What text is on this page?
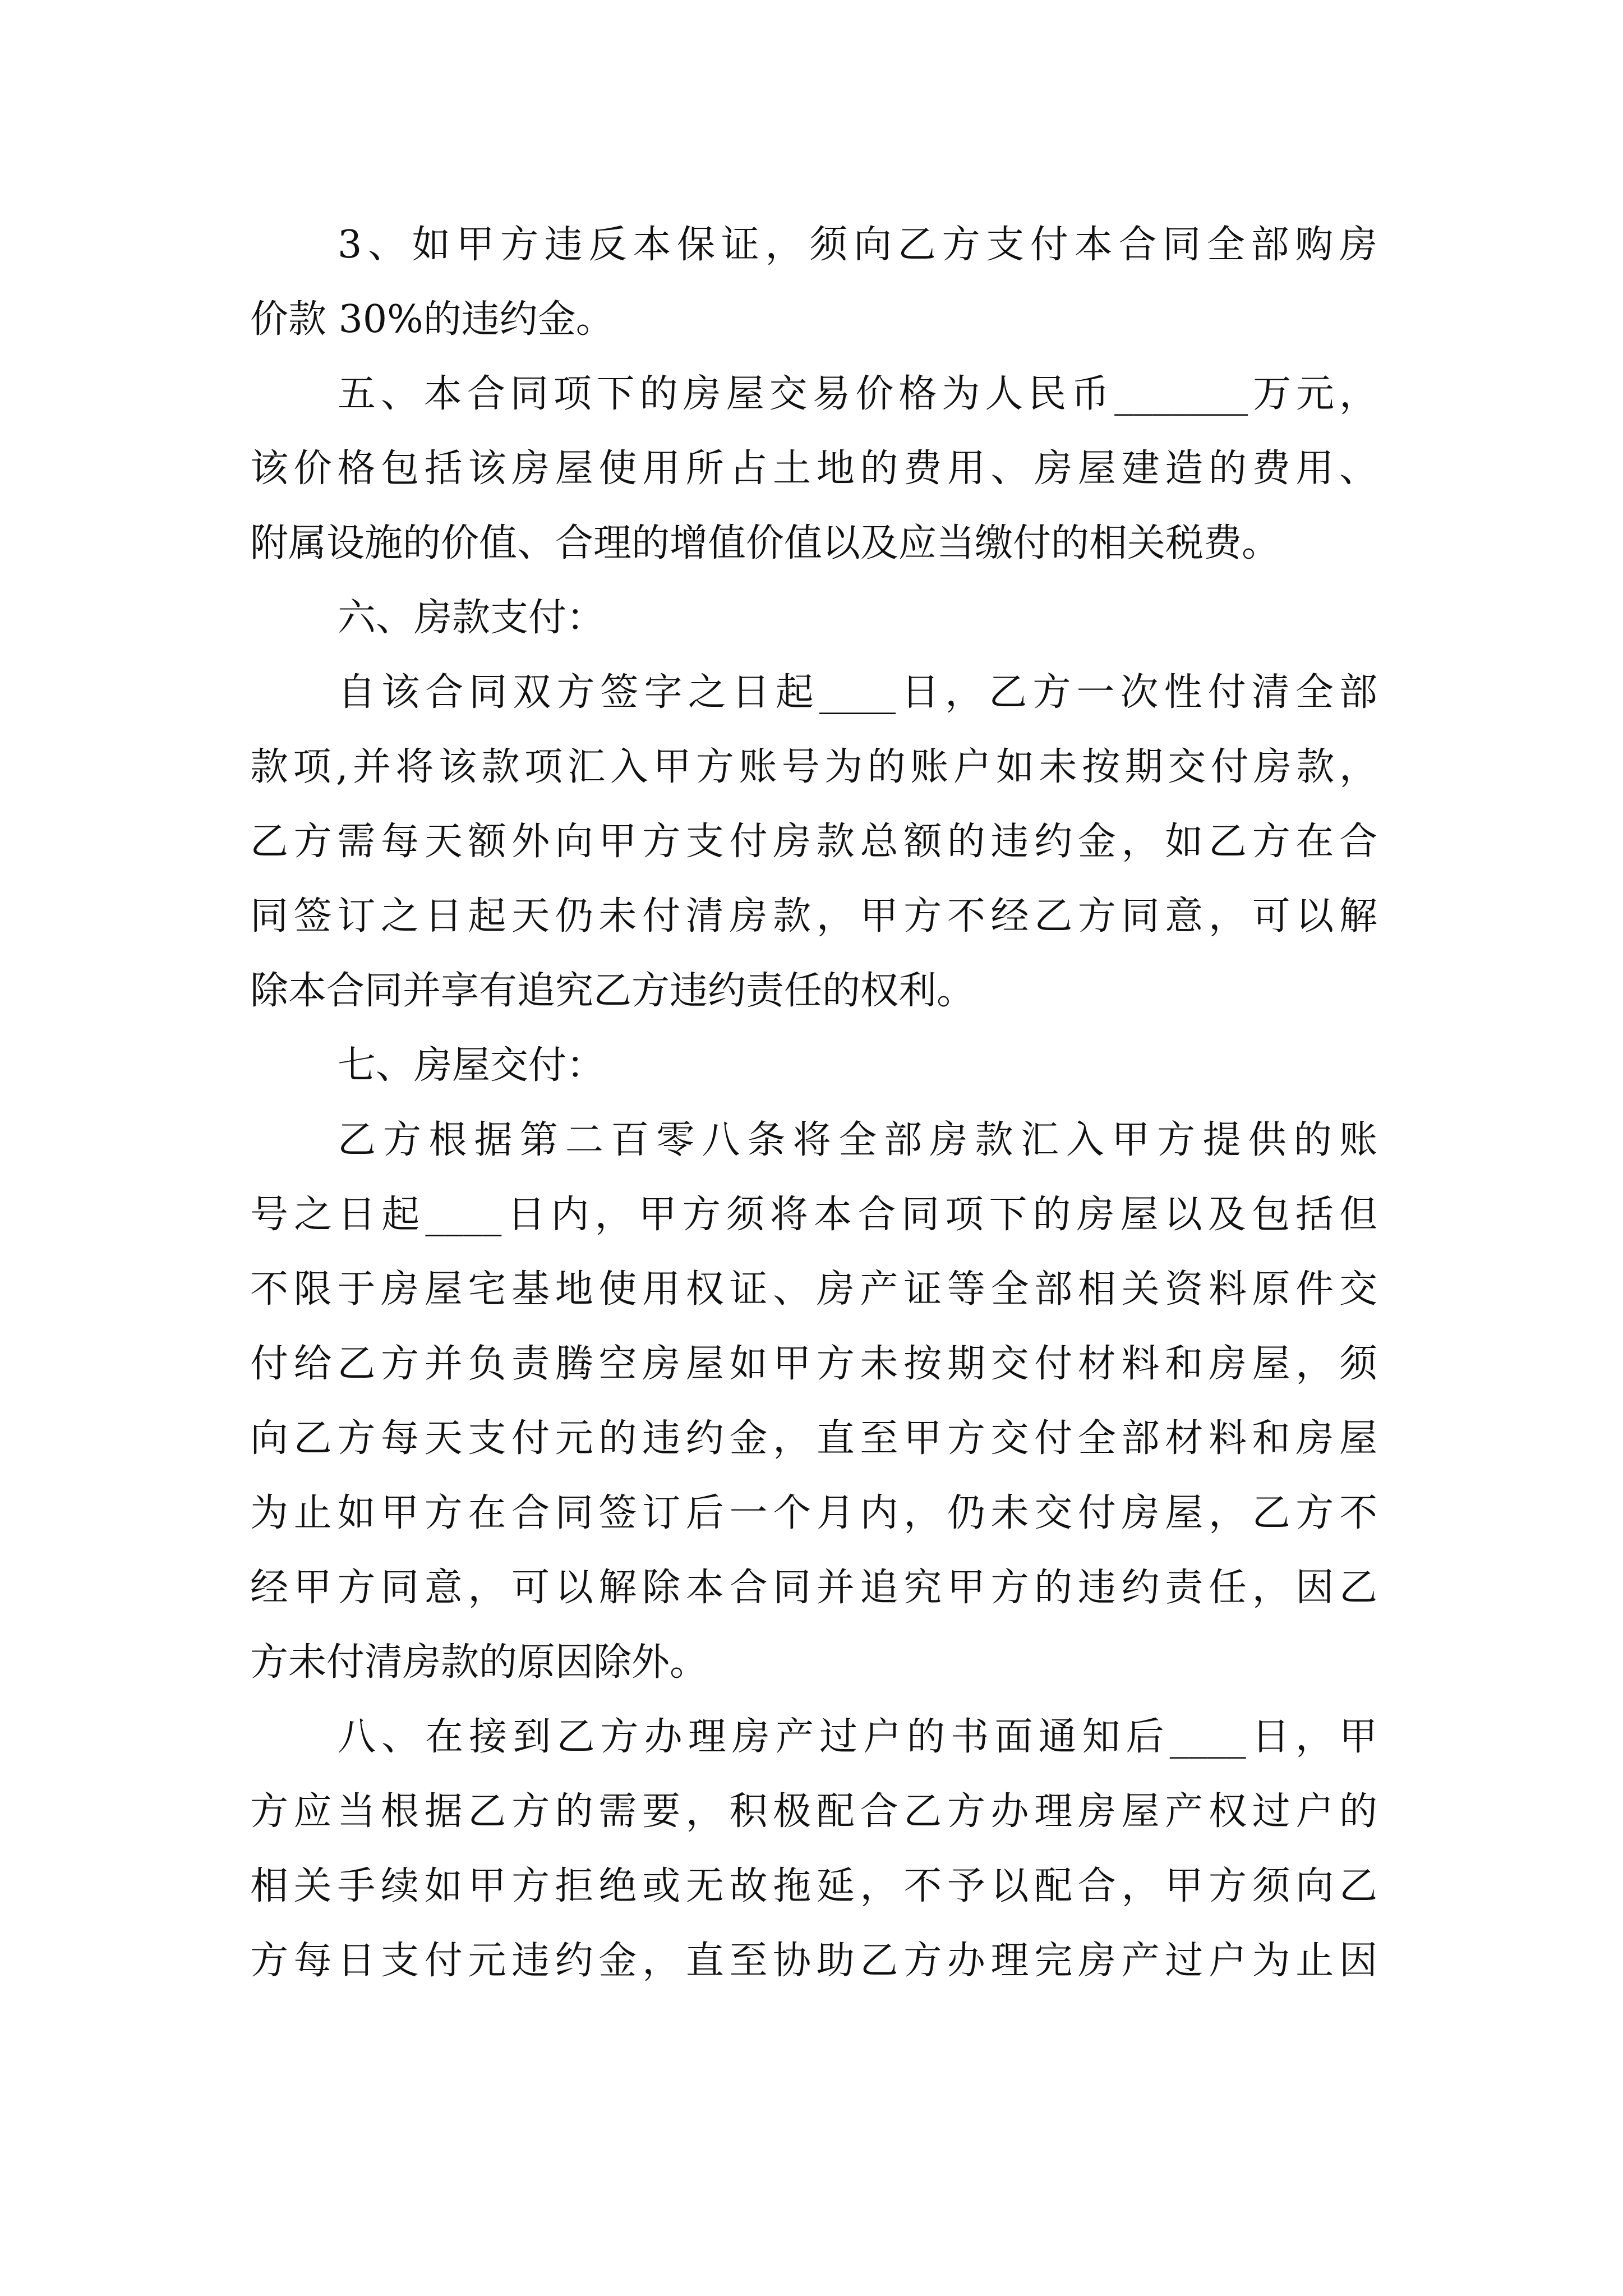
3、如甲方违反本保证，须向乙方支付本合同全部购房
价款 30%的违约金。
五、本合同项下的房屋交易价格为人民币_______万元，
该价格包括该房屋使用所占土地的费用、房屋建造的费用、
附属设施的价值、合理的增值价值以及应当缴付的相关税费。
六、房款支付：
自该合同双方签字之日起____日，乙方一次性付清全部
款项,并将该款项汇入甲方账号为的账户如未按期交付房款，
乙方需每天额外向甲方支付房款总额的违约金，如乙方在合
同签订之日起天仍未付清房款，甲方不经乙方同意，可以解
除本合同并享有追究乙方违约责任的权利。
七、房屋交付：
乙方根据第二百零八条将全部房款汇入甲方提供的账
号之日起____日内，甲方须将本合同项下的房屋以及包括但
不限于房屋宅基地使用权证、房产证等全部相关资料原件交
付给乙方并负责腾空房屋如甲方未按期交付材料和房屋，须
向乙方每天支付元的违约金，直至甲方交付全部材料和房屋
为止如甲方在合同签订后一个月内，仍未交付房屋，乙方不
经甲方同意，可以解除本合同并追究甲方的违约责任，因乙
方未付清房款的原因除外。
八、在接到乙方办理房产过户的书面通知后____日，甲
方应当根据乙方的需要，积极配合乙方办理房屋产权过户的
相关手续如甲方拒绝或无故拖延，不予以配合，甲方须向乙
方每日支付元违约金，直至协助乙方办理完房产过户为止因
